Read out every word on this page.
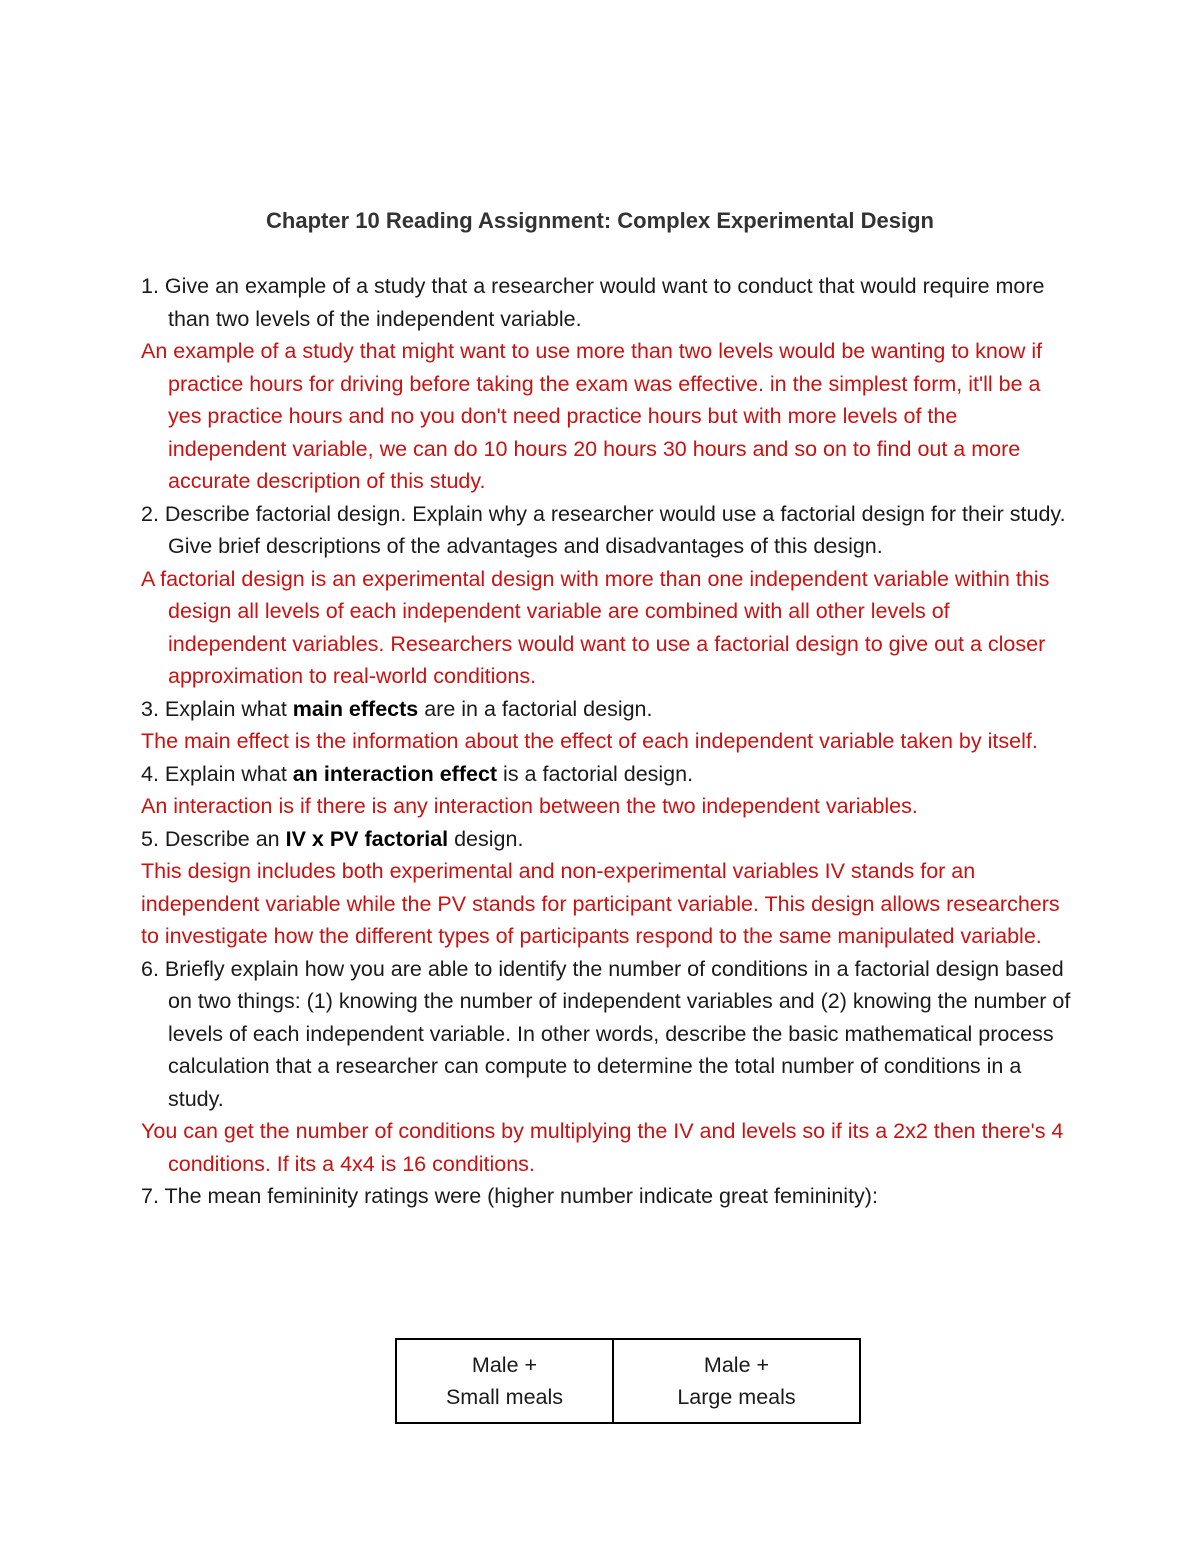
Chapter 10 Reading Assignment: Complex Experimental Design

1. Give an example of a study that a researcher would want to conduct that would require more than two levels of the independent variable.

An example of a study that might want to use more than two levels would be wanting to know if practice hours for driving before taking the exam was effective. in the simplest form, it'll be a yes practice hours and no you don't need practice hours but with more levels of the independent variable, we can do 10 hours 20 hours 30 hours and so on to find out a more accurate description of this study.

2. Describe factorial design. Explain why a researcher would use a factorial design for their study. Give brief descriptions of the advantages and disadvantages of this design.

A factorial design is an experimental design with more than one independent variable within this design all levels of each independent variable are combined with all other levels of independent variables. Researchers would want to use a factorial design to give out a closer approximation to real-world conditions.

3. Explain what main effects are in a factorial design.

The main effect is the information about the effect of each independent variable taken by itself.

4. Explain what an interaction effect is a factorial design.

An interaction is if there is any interaction between the two independent variables.

5. Describe an IV x PV factorial design.

This design includes both experimental and non-experimental variables IV stands for an independent variable while the PV stands for participant variable. This design allows researchers to investigate how the different types of participants respond to the same manipulated variable.

6. Briefly explain how you are able to identify the number of conditions in a factorial design based on two things: (1) knowing the number of independent variables and (2) knowing the number of levels of each independent variable. In other words, describe the basic mathematical process calculation that a researcher can compute to determine the total number of conditions in a study.

You can get the number of conditions by multiplying the IV and levels so if its a 2x2 then there's 4 conditions. If its a 4x4 is 16 conditions.

7. The mean femininity ratings were (higher number indicate great femininity):

Male +
Small meals

Male +
Large meals
